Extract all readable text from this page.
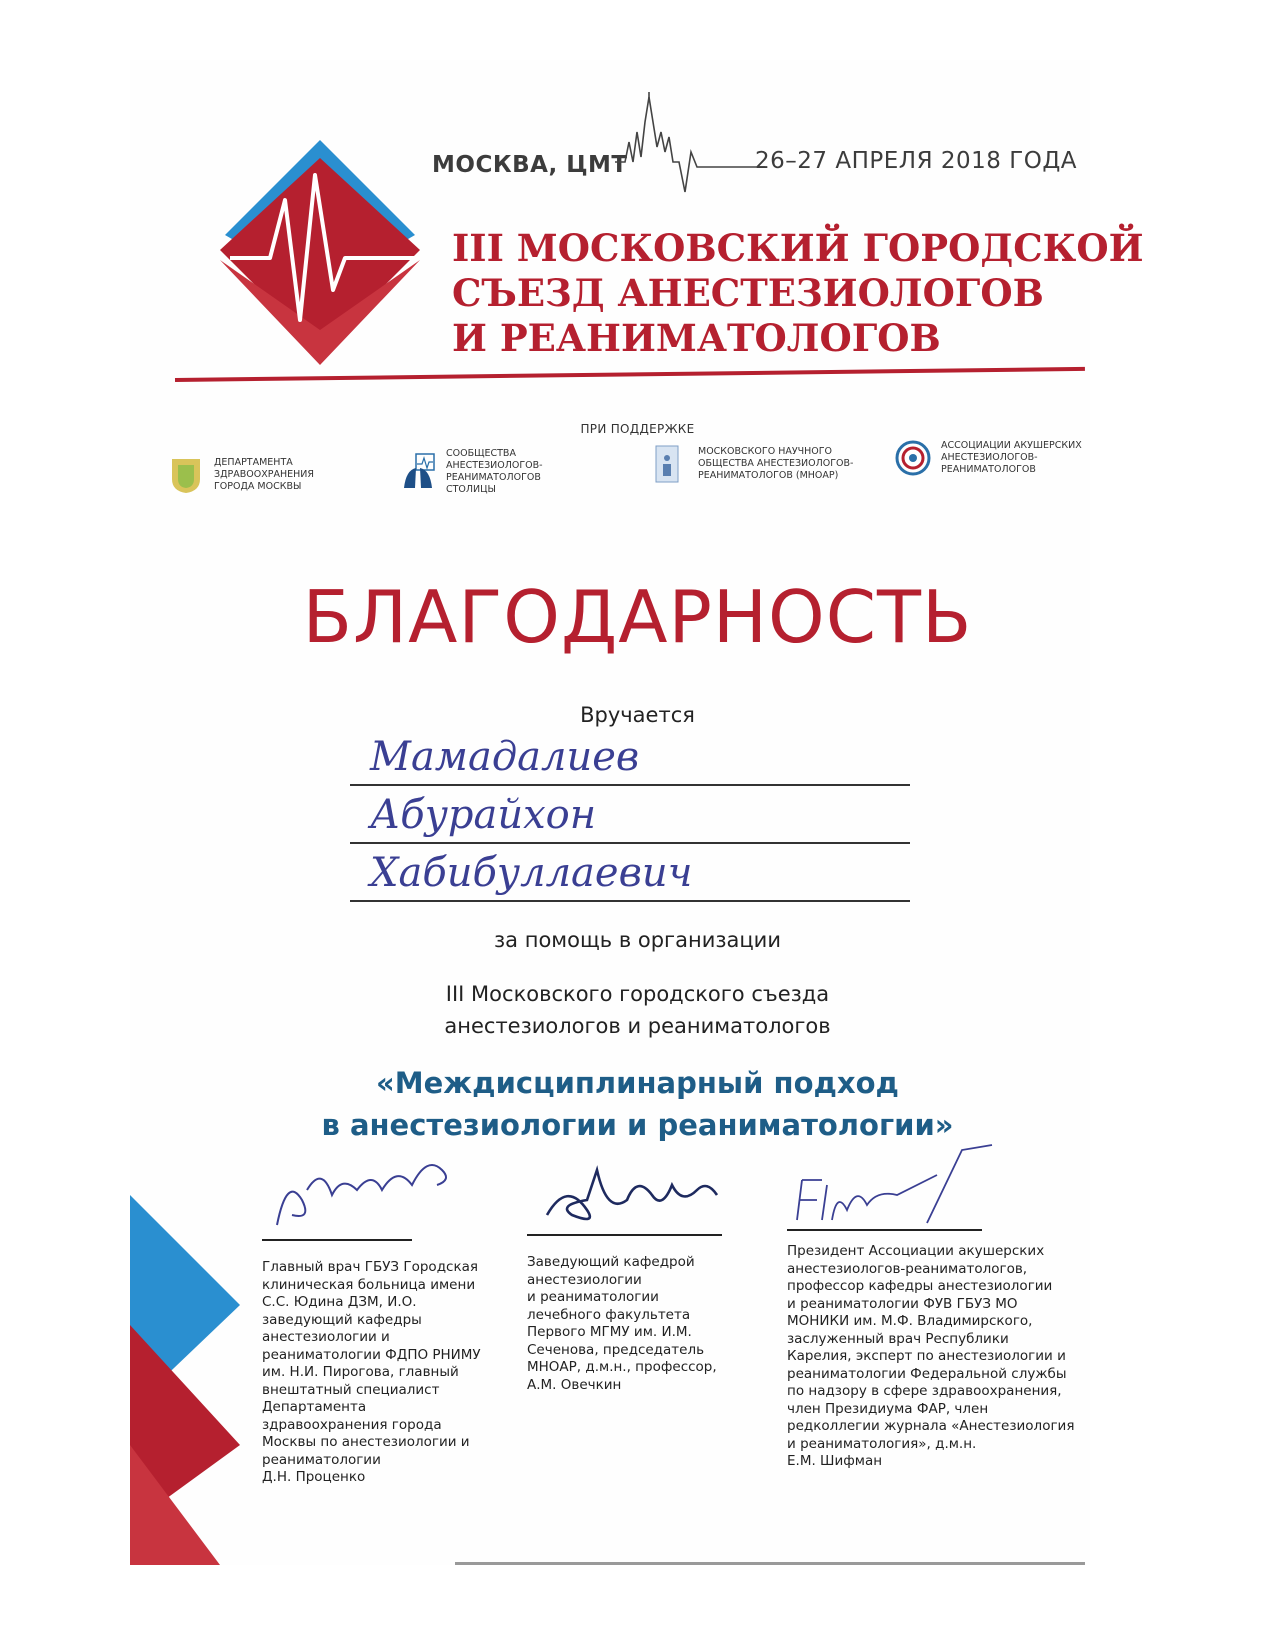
МОСКВА, ЦМТ	26–27 АПРЕЛЯ 2018 ГОДА
III МОСКОВСКИЙ ГОРОДСКОЙ
СЪЕЗД АНЕСТЕЗИОЛОГОВ
И РЕАНИМАТОЛОГОВ
ПРИ ПОДДЕРЖКЕ
ДЕПАРТАМЕНТА
ЗДРАВООХРАНЕНИЯ
ГОРОДА МОСКВЫ
СООБЩЕСТВА
АНЕСТЕЗИОЛОГОВ-
РЕАНИМАТОЛОГОВ
СТОЛИЦЫ
МОСКОВСКОГО НАУЧНОГО
ОБЩЕСТВА АНЕСТЕЗИОЛОГОВ-
РЕАНИМАТОЛОГОВ (МНОАР)
АССОЦИАЦИИ АКУШЕРСКИХ
АНЕСТЕЗИОЛОГОВ-
РЕАНИМАТОЛОГОВ
БЛАГОДАРНОСТЬ
Вручается
Мамадалиев
Абурайхон
Хабибуллаевич
за помощь в организации
III Московского городского съезда
анестезиологов и реаниматологов
«Междисциплинарный подход
в анестезиологии и реаниматологии»
Главный врач ГБУЗ Городская
клиническая больница имени
С.С. Юдина ДЗМ, И.О.
заведующий кафедры
анестезиологии и
реаниматологии ФДПО РНИМУ
им. Н.И. Пирогова, главный
внештатный специалист
Департамента
здравоохранения города
Москвы по анестезиологии и
реаниматологии
Д.Н. Проценко
Заведующий кафедрой
анестезиологии
и реаниматологии
лечебного факультета
Первого МГМУ им. И.М.
Сеченова, председатель
МНОАР, д.м.н., профессор,
А.М. Овечкин
Президент Ассоциации акушерских
анестезиологов-реаниматологов,
профессор кафедры анестезиологии
и реаниматологии ФУВ ГБУЗ МО
МОНИКИ им. М.Ф. Владимирского,
заслуженный врач Республики
Карелия, эксперт по анестезиологии и
реаниматологии Федеральной службы
по надзору в сфере здравоохранения,
член Президиума ФАР, член
редколлегии журнала «Анестезиология
и реаниматология», д.м.н.
Е.М. Шифман
